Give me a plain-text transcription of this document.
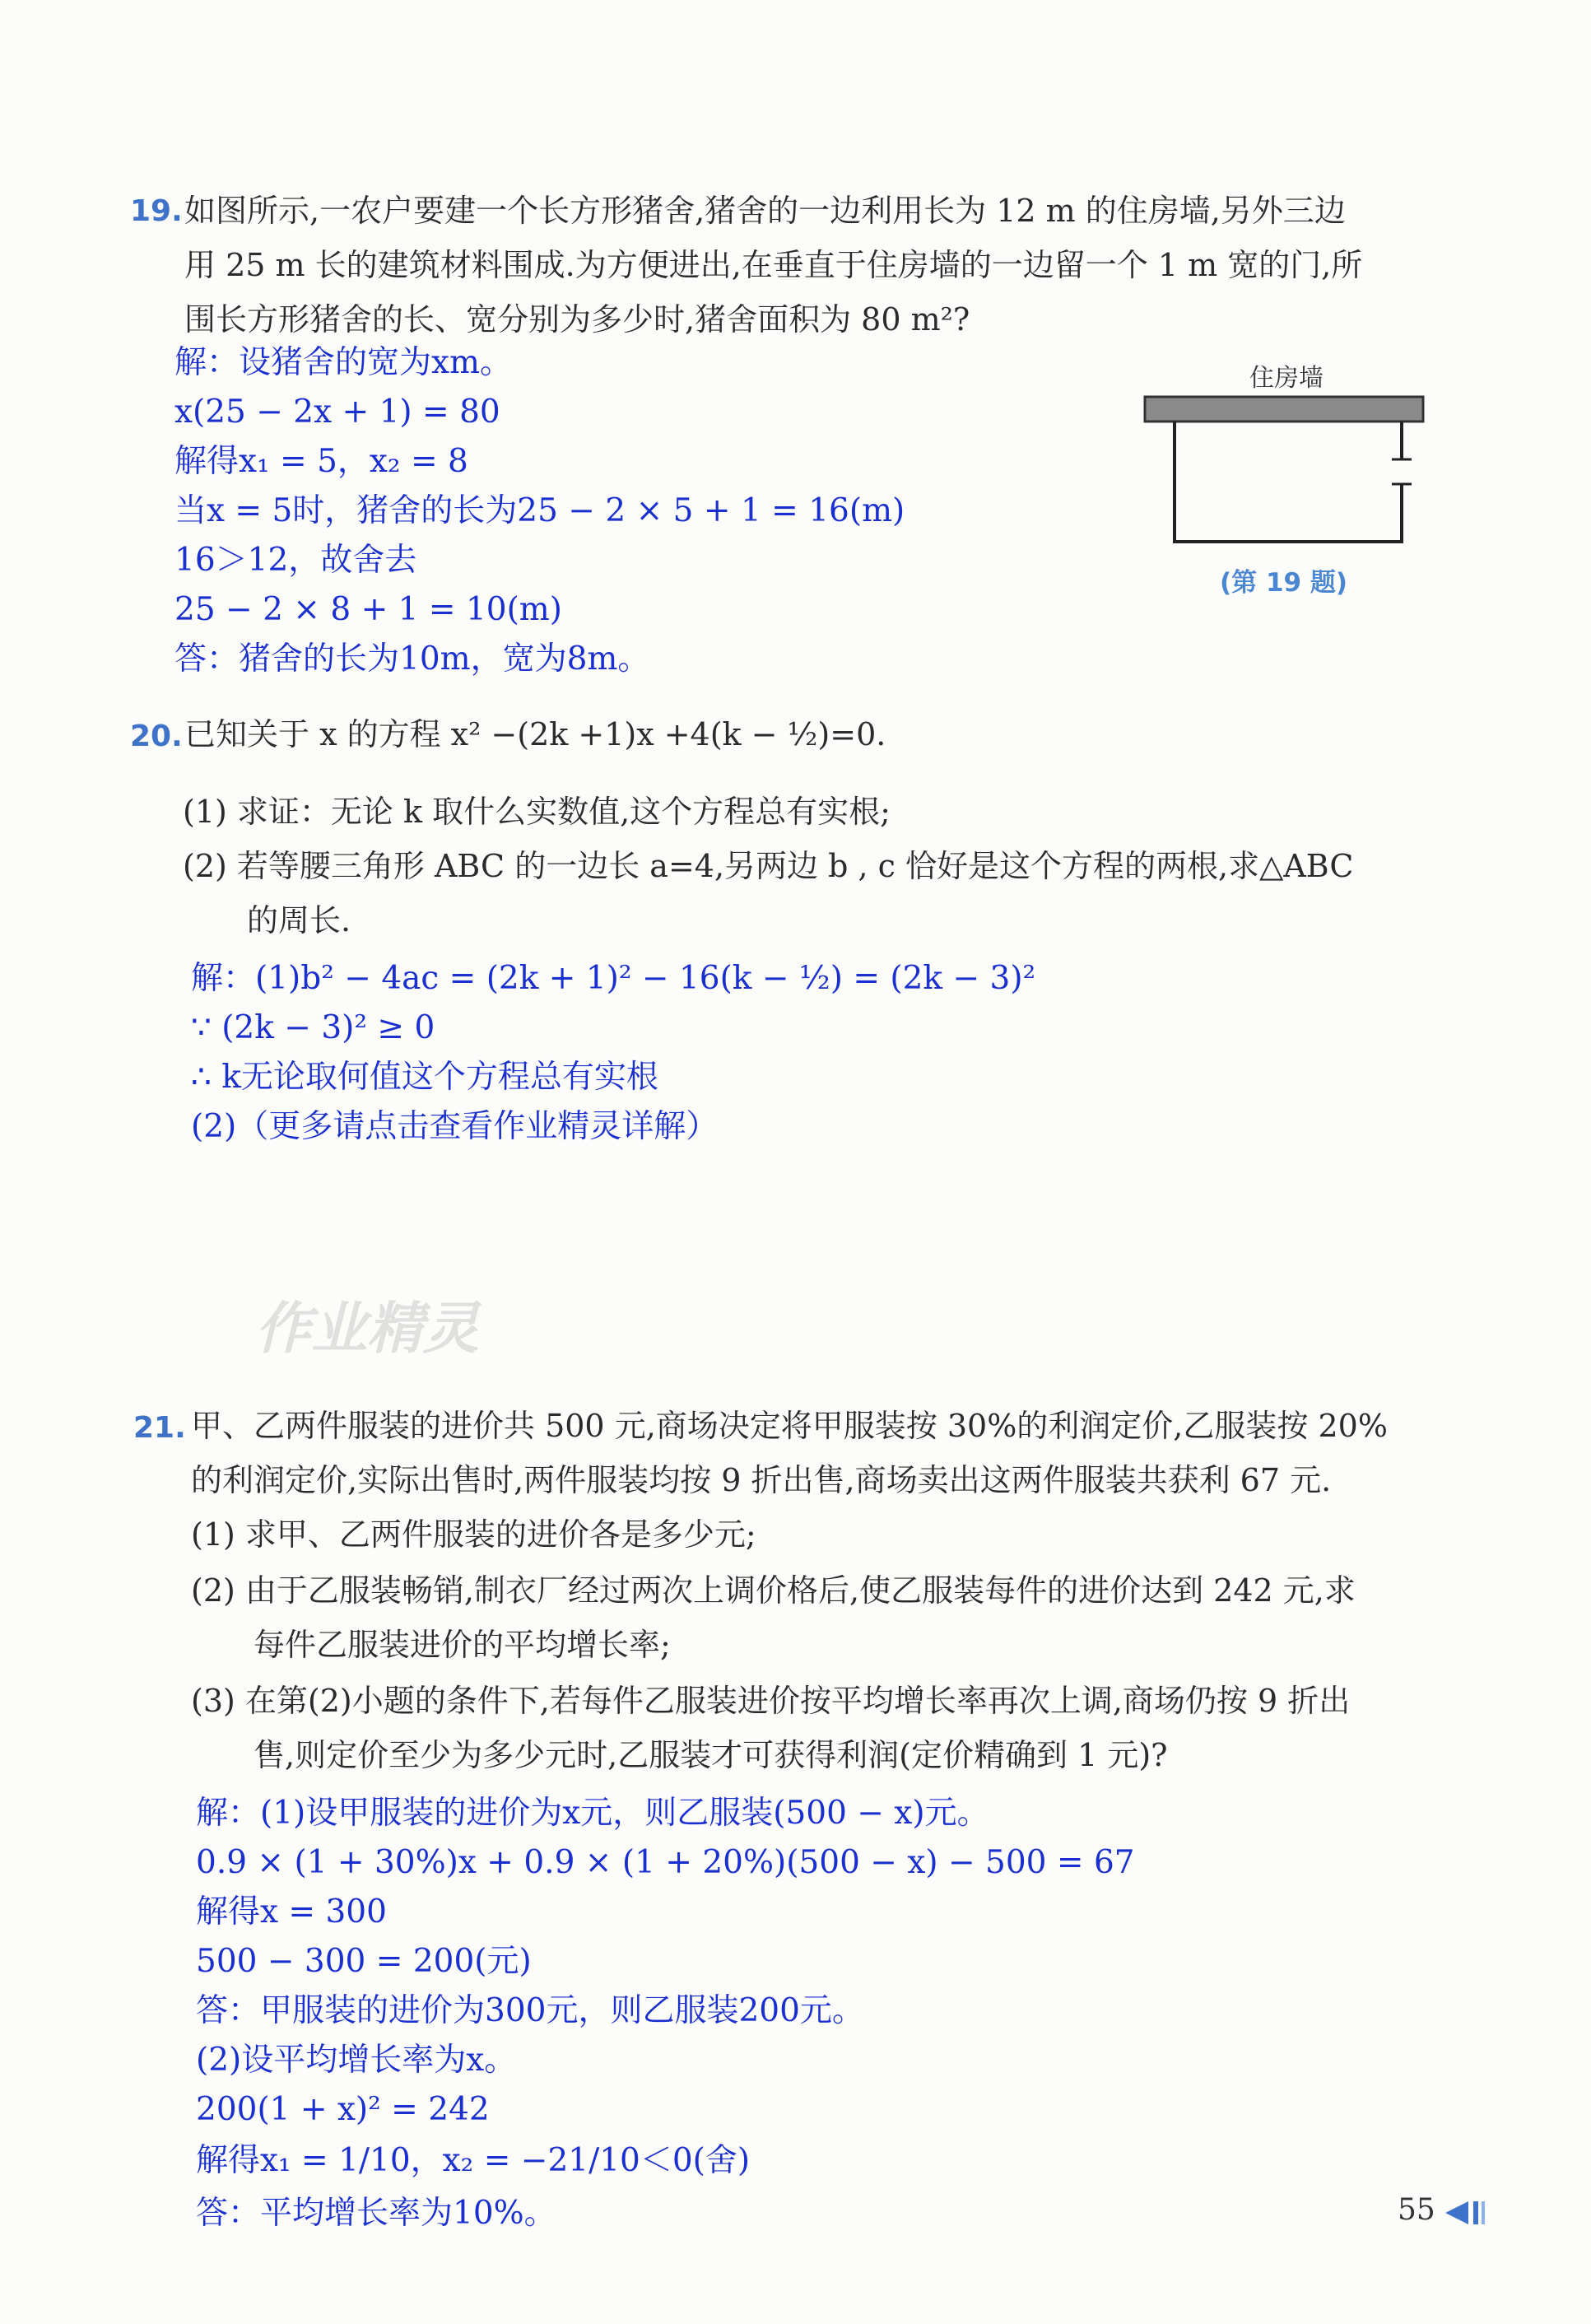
19. 如图所示,一农户要建一个长方形猪舍,猪舍的一边利用长为 12 m 的住房墙,另外三边
用 25 m 长的建筑材料围成.为方便进出,在垂直于住房墙的一边留一个 1 m 宽的门,所
围长方形猪舍的长、宽分别为多少时,猪舍面积为 80 m²?
解：设猪舍的宽为xm。
x(25 − 2x + 1) = 80
解得x₁ = 5，x₂ = 8
当x = 5时，猪舍的长为25 − 2 × 5 + 1 = 16(m)
16＞12，故舍去
25 − 2 × 8 + 1 = 10(m)
答：猪舍的长为10m，宽为8m。
住房墙
(第 19 题)
20. 已知关于 x 的方程 x² −(2k +1)x +4(k − ½)=0.
(1) 求证：无论 k 取什么实数值,这个方程总有实根;
(2) 若等腰三角形 ABC 的一边长 a=4,另两边 b , c 恰好是这个方程的两根,求△ABC
的周长.
解：(1)b² − 4ac = (2k + 1)² − 16(k − ½) = (2k − 3)²
∵ (2k − 3)² ≥ 0
∴ k无论取何值这个方程总有实根
(2)（更多请点击查看作业精灵详解）
作业精灵
21. 甲、乙两件服装的进价共 500 元,商场决定将甲服装按 30%的利润定价,乙服装按 20%
的利润定价,实际出售时,两件服装均按 9 折出售,商场卖出这两件服装共获利 67 元.
(1) 求甲、乙两件服装的进价各是多少元;
(2) 由于乙服装畅销,制衣厂经过两次上调价格后,使乙服装每件的进价达到 242 元,求
每件乙服装进价的平均增长率;
(3) 在第(2)小题的条件下,若每件乙服装进价按平均增长率再次上调,商场仍按 9 折出
售,则定价至少为多少元时,乙服装才可获得利润(定价精确到 1 元)?
解：(1)设甲服装的进价为x元，则乙服装(500 − x)元。
0.9 × (1 + 30%)x + 0.9 × (1 + 20%)(500 − x) − 500 = 67
解得x = 300
500 − 300 = 200(元)
答：甲服装的进价为300元，则乙服装200元。
(2)设平均增长率为x。
200(1 + x)² = 242
解得x₁ = 1/10，x₂ = −21/10＜0(舍)
答：平均增长率为10%。	55
